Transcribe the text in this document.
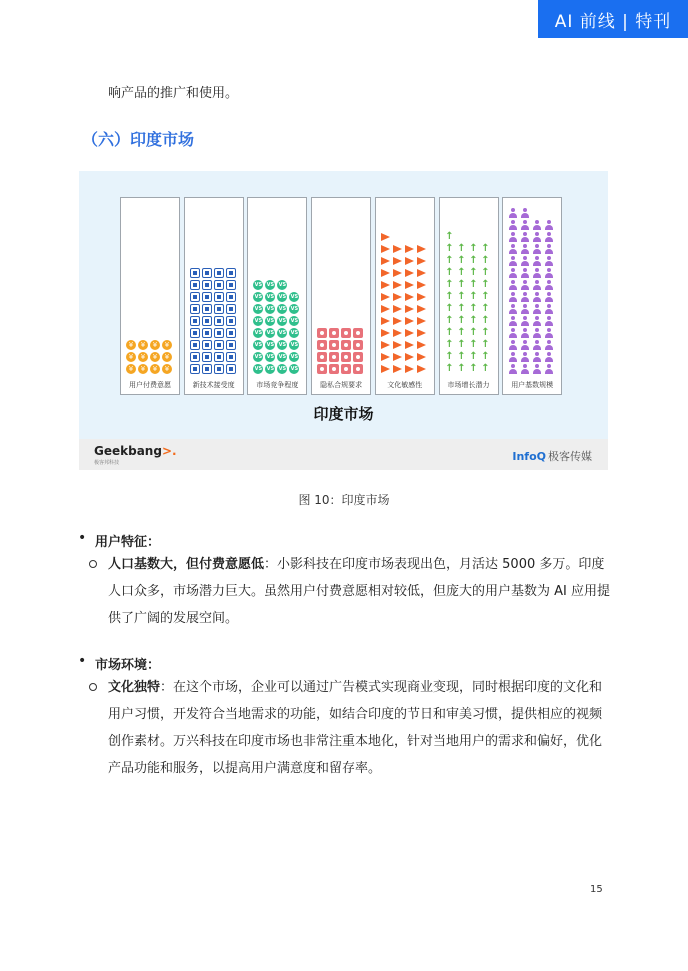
AI 前线 | 特刊
响产品的推广和使用。
（六）印度市场
¥	¥	¥	¥
¥	¥	¥	¥
¥	¥	¥	¥
用户付费意愿	新技术接受度
VS VS VS
VS VS VS VS
VS VS VS VS
VS VS VS VS
VS VS VS VS
VS VS VS VS
VS VS VS VS
VS VS VS VS
市场竞争程度	隐私合规要求	文化敏感性
↑
↑ ↑ ↑ ↑
↑ ↑ ↑ ↑
↑ ↑ ↑ ↑
↑ ↑ ↑ ↑
↑ ↑ ↑ ↑
↑ ↑ ↑ ↑
↑ ↑ ↑ ↑
↑ ↑ ↑ ↑
↑ ↑ ↑ ↑
↑ ↑ ↑ ↑
↑ ↑ ↑ ↑
市场增长潜力	用户基数规模
印度市场
Geekbang>.
极客邦科技	InfoQ 极客传媒
图 10：印度市场
• 用户特征：
人口基数大，但付费意愿低：小影科技在印度市场表现出色，月活达 5000 多万。印度人口众多，市场潜力巨大。虽然用户付费意愿相对较低，但庞大的用户基数为 AI 应用提供了广阔的发展空间。
• 市场环境：
文化独特：在这个市场，企业可以通过广告模式实现商业变现，同时根据印度的文化和用户习惯，开发符合当地需求的功能，如结合印度的节日和审美习惯，提供相应的视频创作素材。万兴科技在印度市场也非常注重本地化，针对当地用户的需求和偏好，优化产品功能和服务，以提高用户满意度和留存率。
15
